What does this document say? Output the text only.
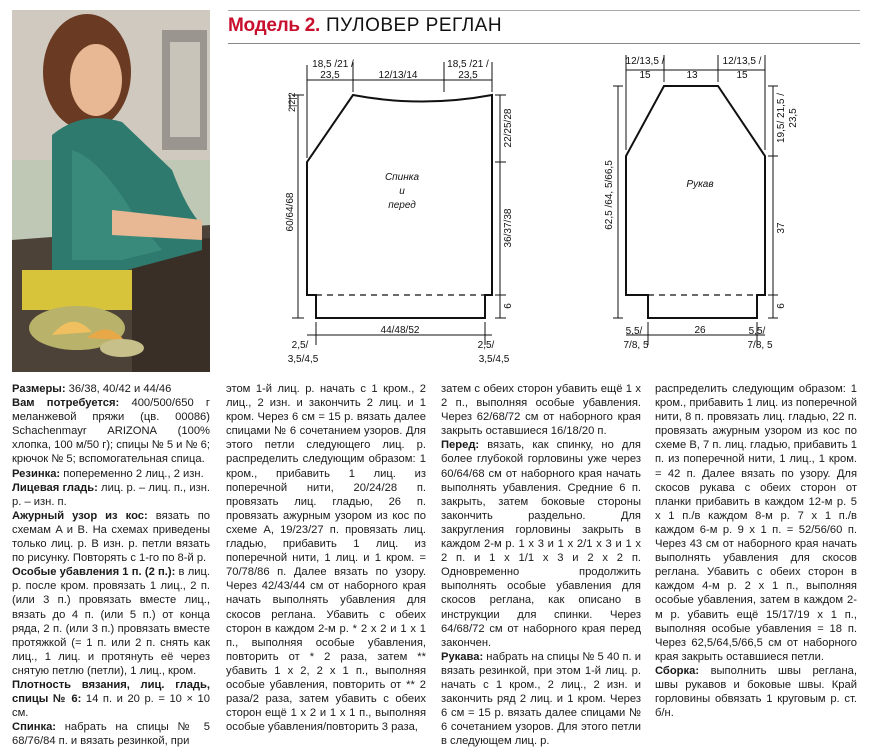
Модель 2. ПУЛОВЕР РЕГЛАН
18,5 /21 /
23,5	12/13/14
18,5 /21 /
23,5
2|2|2
60/64/68
22/25/28
36/37/38
6
44/48/52
2,5/
3,5/4,5
2,5/
3,5/4,5
Спинка
и
перед
12/13,5 /
15	13
12/13,5 /
15
62,5 /64, 5/66,5
19,5/ 21,5 / 23,5
37
6
26
5,5/
7/8, 5
5,5/
7/8, 5
Рукав

Размеры: 36/38, 40/42 и 44/46

Вам потребуется: 400/500/650 г меланжевой пряжи (цв. 00086) Schachenmayr ARIZONA (100% хлопка, 100 м/50 г); спицы № 5 и № 6; крючок № 5; вспомогательная спица.

Резинка: попеременно 2 лиц., 2 изн.

Лицевая гладь: лиц. р. – лиц. п., изн. р. – изн. п.

Ажурный узор из кос: вязать по схемам A и B. На схемах приведены только лиц. р. В изн. р. петли вязать по рисунку. Повторять с 1-го по 8-й р.

Особые убавления 1 п. (2 п.): в лиц. р. после кром. провязать 1 лиц., 2 п. (или 3 п.) провязать вместе лиц., вязать до 4 п. (или 5 п.) от конца ряда, 2 п. (или 3 п.) провязать вместе протяжкой (= 1 п. или 2 п. снять как лиц., 1 лиц. и протянуть её через снятую петлю (петли), 1 лиц., кром.

Плотность вязания, лиц. гладь, спицы № 6: 14 п. и 20 р. = 10 × 10 см.

Спинка: набрать на спицы № 5 68/76/84 п. и вязать резинкой, при

этом 1-й лиц. р. начать с 1 кром., 2 лиц., 2 изн. и закончить 2 лиц. и 1 кром. Через 6 см = 15 р. вязать далее спицами № 6 сочетанием узоров. Для этого петли следующего лиц. р. распределить следующим образом: 1 кром., прибавить 1 лиц. из поперечной нити, 20/24/28 п. провязать лиц. гладью, 26 п. провязать ажурным узором из кос по схеме A, 19/23/27 п. провязать лиц. гладью, прибавить 1 лиц. из поперечной нити, 1 лиц. и 1 кром. = 70/78/86 п. Далее вязать по узору. Через 42/43/44 см от наборного края начать выполнять убавления для скосов реглана. Убавить с обеих сторон в каждом 2-м р. * 2 x 2 и 1 x 1 п., выполняя особые убавления, повторить от * 2 раза, затем ** убавить 1 x 2, 2 x 1 п., выполняя особые убавления, повторить от ** 2 раза/2 раза, затем убавить с обеих сторон ещё 1 x 2 и 1 x 1 п., выполняя особые убавления/повторить 3 раза,

затем с обеих сторон убавить ещё 1 x 2 п., выполняя особые убавления. Через 62/68/72 см от наборного края закрыть оставшиеся 16/18/20 п.

Перед: вязать, как спинку, но для более глубокой горловины уже через 60/64/68 см от наборного края начать выполнять убавления. Средние 6 п. закрыть, затем боковые стороны закончить раздельно. Для закругления горловины закрыть в каждом 2-м р. 1 x 3 и 1 x 2/1 x 3 и 1 x 2 п. и 1 x 1/1 x 3 и 2 x 2 п. Одновременно продолжить выполнять особые убавления для скосов реглана, как описано в инструкции для спинки. Через 64/68/72 см от наборного края перед закончен.

Рукава: набрать на спицы № 5 40 п. и вязать резинкой, при этом 1-й лиц. р. начать с 1 кром., 2 лиц., 2 изн. и закончить ряд 2 лиц. и 1 кром. Через 6 см = 15 р. вязать далее спицами № 6 сочетанием узоров. Для этого петли в следующем лиц. р.

распределить следующим образом: 1 кром., прибавить 1 лиц. из поперечной нити, 8 п. провязать лиц. гладью, 22 п. провязать ажурным узором из кос по схеме B, 7 п. лиц. гладью, прибавить 1 п. из поперечной нити, 1 лиц., 1 кром. = 42 п. Далее вязать по узору. Для скосов рукава с обеих сторон от планки прибавить в каждом 12-м р. 5 x 1 п./в каждом 8-м р. 7 x 1 п./в каждом 6-м р. 9 x 1 п. = 52/56/60 п. Через 43 см от наборного края начать выполнять убавления для скосов реглана. Убавить с обеих сторон в каждом 4-м р. 2 x 1 п., выполняя особые убавления, затем в каждом 2-м р. убавить ещё 15/17/19 x 1 п., выполняя особые убавления = 18 п. Через 62,5/64,5/66,5 см от наборного края закрыть оставшиеся петли.

Сборка: выполнить швы реглана, швы рукавов и боковые швы. Край горловины обвязать 1 круговым р. ст. б/н.
